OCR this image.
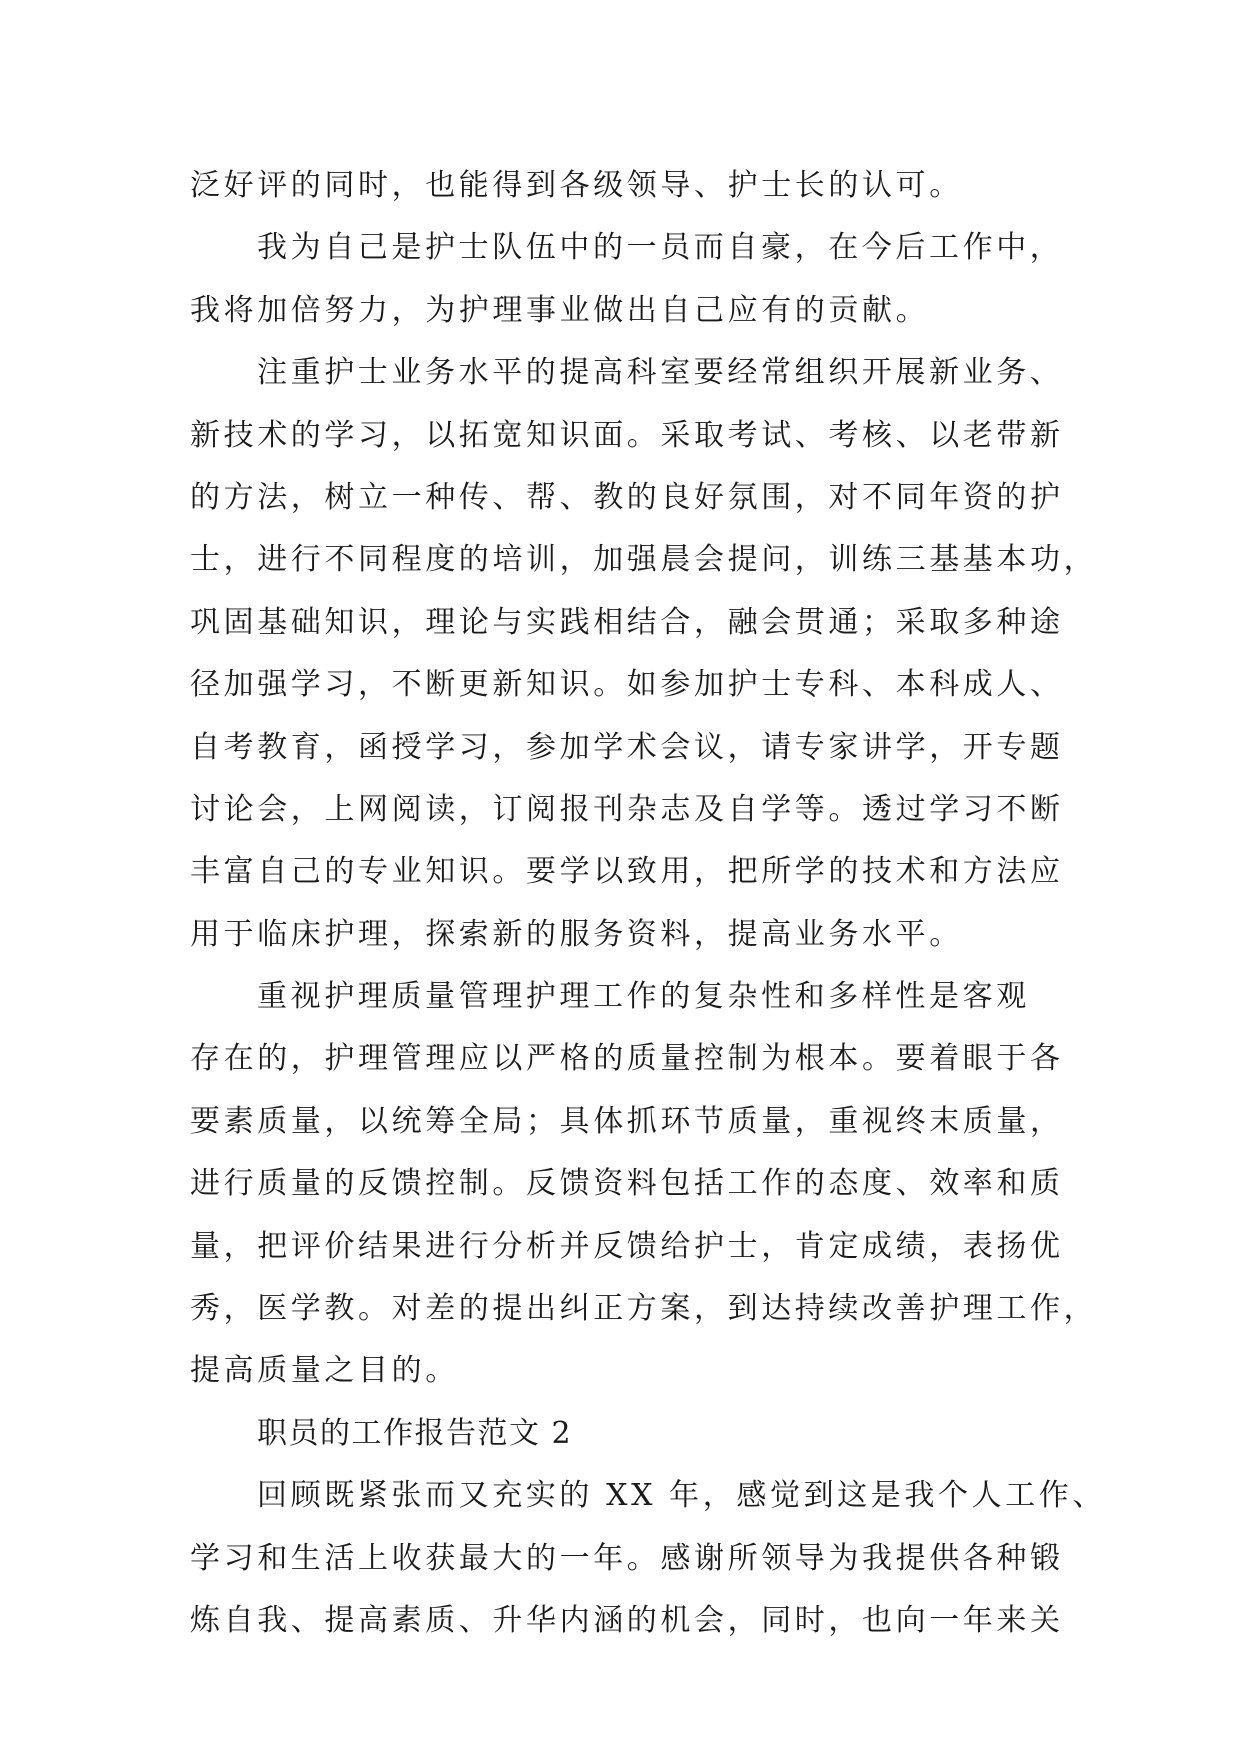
泛好评的同时，也能得到各级领导、护士长的认可。
我为自己是护士队伍中的一员而自豪，在今后工作中，
我将加倍努力，为护理事业做出自己应有的贡献。
注重护士业务水平的提高科室要经常组织开展新业务、
新技术的学习，以拓宽知识面。采取考试、考核、以老带新
的方法，树立一种传、帮、教的良好氛围，对不同年资的护
士，进行不同程度的培训，加强晨会提问，训练三基基本功，
巩固基础知识，理论与实践相结合，融会贯通；采取多种途
径加强学习，不断更新知识。如参加护士专科、本科成人、
自考教育，函授学习，参加学术会议，请专家讲学，开专题
讨论会，上网阅读，订阅报刊杂志及自学等。透过学习不断
丰富自己的专业知识。要学以致用，把所学的技术和方法应
用于临床护理，探索新的服务资料，提高业务水平。
重视护理质量管理护理工作的复杂性和多样性是客观
存在的，护理管理应以严格的质量控制为根本。要着眼于各
要素质量，以统筹全局；具体抓环节质量，重视终末质量，
进行质量的反馈控制。反馈资料包括工作的态度、效率和质
量，把评价结果进行分析并反馈给护士，肯定成绩，表扬优
秀，医学教。对差的提出纠正方案，到达持续改善护理工作，
提高质量之目的。
职员的工作报告范文 2
回顾既紧张而又充实的 XX 年，感觉到这是我个人工作、
学习和生活上收获最大的一年。感谢所领导为我提供各种锻
炼自我、提高素质、升华内涵的机会，同时，也向一年来关
